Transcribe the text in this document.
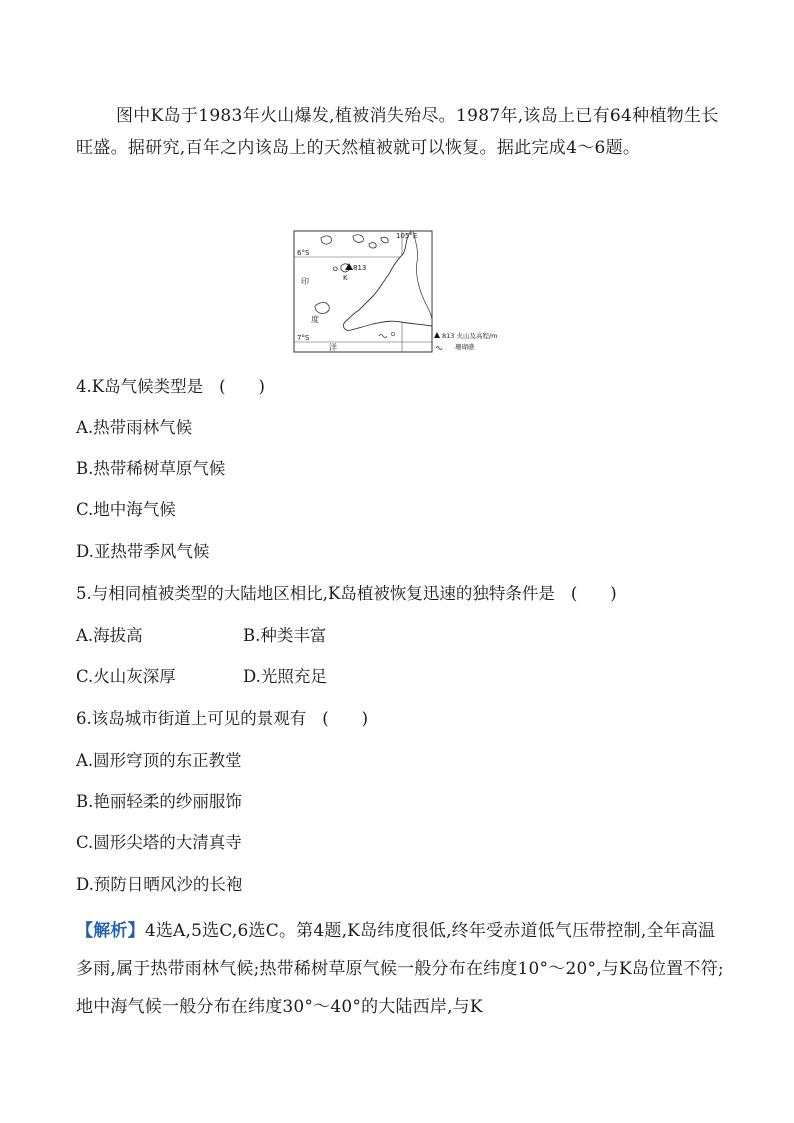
图中K岛于1983年火山爆发,植被消失殆尽。1987年,该岛上已有64种植物生长旺盛。据研究,百年之内该岛上的天然植被就可以恢复。据此完成4～6题。

105°E
6°S
7°S
813
K
印
度
洋
813 火山及高程/m
珊瑚礁
4.K岛气候类型是 (　　)
A.热带雨林气候
B.热带稀树草原气候
C.地中海气候
D.亚热带季风气候
5.与相同植被类型的大陆地区相比,K岛植被恢复迅速的独特条件是 (　　)
A.海拔高	B.种类丰富
C.火山灰深厚	D.光照充足
6.该岛城市街道上可见的景观有 (　　)
A.圆形穹顶的东正教堂
B.艳丽轻柔的纱丽服饰
C.圆形尖塔的大清真寺
D.预防日晒风沙的长袍

【解析】4选A,5选C,6选C。第4题,K岛纬度很低,终年受赤道低气压带控制,全年高温多雨,属于热带雨林气候;热带稀树草原气候一般分布在纬度10°～20°,与K岛位置不符;地中海气候一般分布在纬度30°～40°的大陆西岸,与K
